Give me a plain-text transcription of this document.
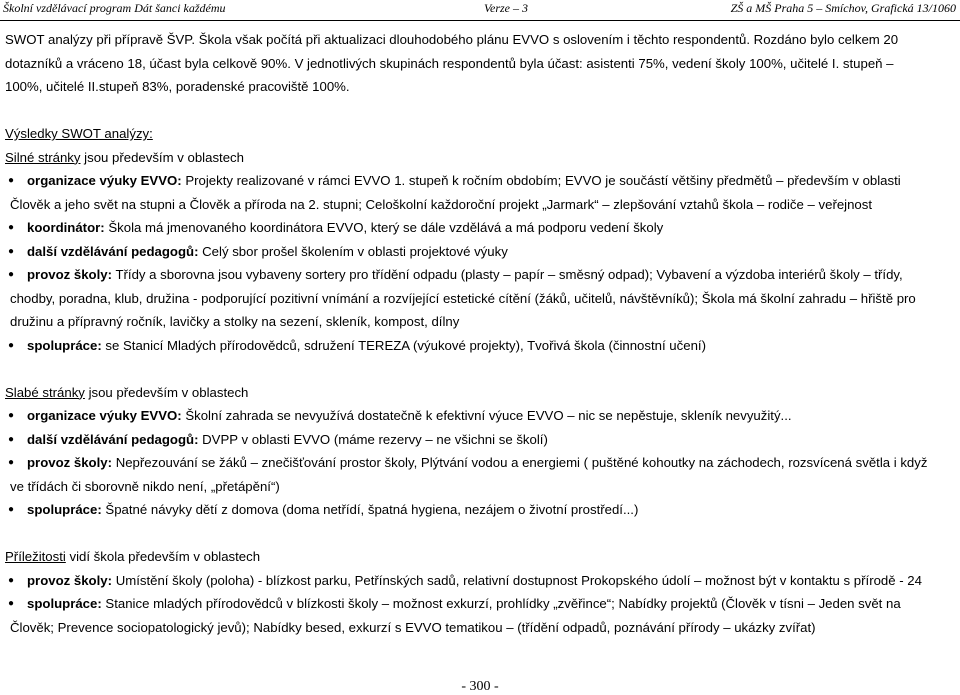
Školní vzdělávací program Dát šanci každému	Verze – 3	ZŠ a MŠ Praha 5 – Smíchov, Grafická 13/1060
SWOT analýzy při přípravě ŠVP. Škola však počítá při aktualizaci dlouhodobého plánu EVVO s oslovením i těchto respondentů. Rozdáno bylo celkem 20
dotazníků a vráceno 18, účast byla celkově 90%. V jednotlivých skupinách respondentů byla účast: asistenti 75%, vedení školy 100%, učitelé I. stupeň –
100%, učitelé II.stupeň 83%, poradenské pracoviště 100%.
Výsledky SWOT analýzy:
Silné stránky jsou především v oblastech
● organizace výuky EVVO: Projekty realizované v rámci EVVO 1. stupeň k ročním obdobím; EVVO je součástí většiny předmětů – především v oblasti
Člověk a jeho svět na stupni a Člověk a příroda na 2. stupni; Celoškolní každoroční projekt „Jarmark“ – zlepšování vztahů škola – rodiče – veřejnost
● koordinátor: Škola má jmenovaného koordinátora EVVO, který se dále vzdělává a má podporu vedení školy
● další vzdělávání pedagogů: Celý sbor prošel školením v oblasti projektové výuky
● provoz školy: Třídy a sborovna jsou vybaveny sortery pro třídění odpadu (plasty – papír – směsný odpad); Vybavení a výzdoba interiérů školy – třídy,
chodby, poradna, klub, družina - podporující pozitivní vnímání a rozvíjející estetické cítění (žáků, učitelů, návštěvníků); Škola má školní zahradu – hřiště pro
družinu a přípravný ročník, lavičky a stolky na sezení, skleník, kompost, dílny
● spolupráce: se Stanicí Mladých přírodovědců, sdružení TEREZA (výukové projekty), Tvořivá škola (činnostní učení)
Slabé stránky jsou především v oblastech
● organizace výuky EVVO: Školní zahrada se nevyužívá dostatečně k efektivní výuce EVVO – nic se nepěstuje, skleník nevyužitý...
● další vzdělávání pedagogů: DVPP v oblasti EVVO (máme rezervy – ne všichni se školí)
● provoz školy: Nepřezouvání se žáků – znečišťování prostor školy, Plýtvání vodou a energiemi ( puštěné kohoutky na záchodech, rozsvícená světla i když
ve třídách či sborovně nikdo není, „přetápění“)
● spolupráce: Špatné návyky dětí z domova (doma netřídí, špatná hygiena, nezájem o životní prostředí...)
Příležitosti vidí škola především v oblastech
● provoz školy: Umístění školy (poloha) - blízkost parku, Petřínských sadů, relativní dostupnost Prokopského údolí – možnost být v kontaktu s přírodě - 24
● spolupráce: Stanice mladých přírodovědců v blízkosti školy – možnost exkurzí, prohlídky „zvěřince“; Nabídky projektů (Člověk v tísni – Jeden svět na
Člověk; Prevence sociopatologický jevů); Nabídky besed, exkurzí s EVVO tematikou – (třídění odpadů, poznávání přírody – ukázky zvířat)
- 300 -
